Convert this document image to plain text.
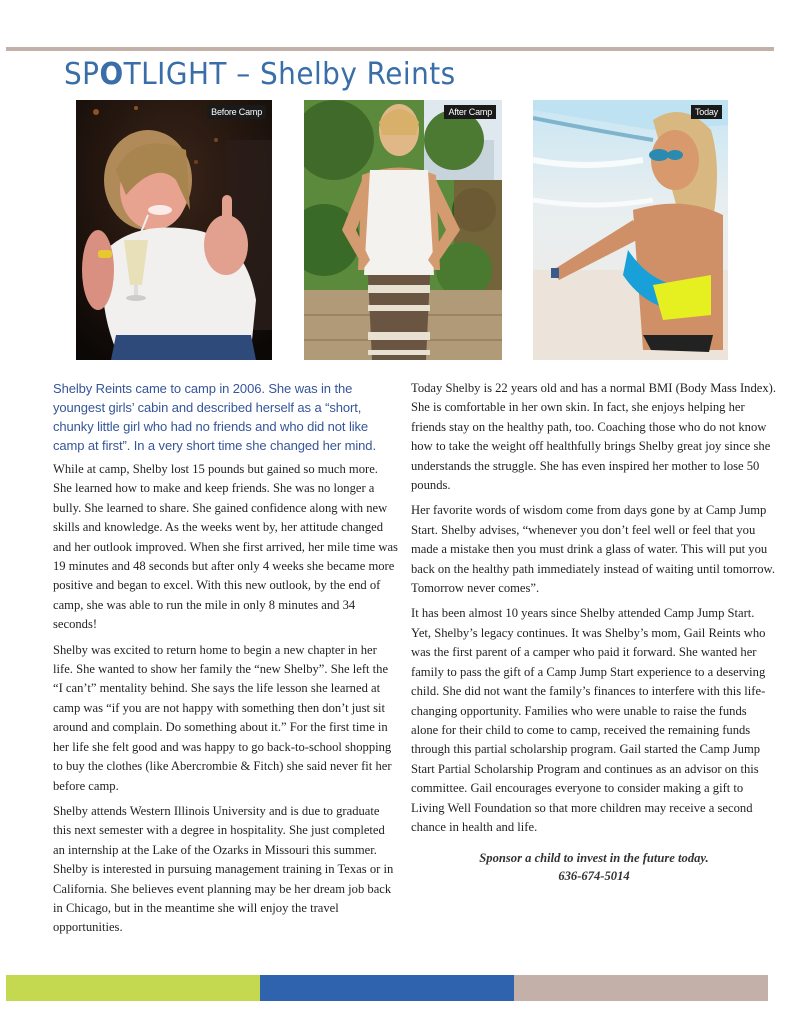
SPOTLIGHT – Shelby Reints
Before Camp	After Camp	Today

Shelby Reints came to camp in 2006. She was in the youngest girls’ cabin and described herself as a “short, chunky little girl who had no friends and who did not like camp at first”. In a very short time she changed her mind.

While at camp, Shelby lost 15 pounds but gained so much more. She learned how to make and keep friends. She was no longer a bully. She learned to share. She gained confidence along with new skills and knowledge. As the weeks went by, her attitude changed and her outlook improved. When she first arrived, her mile time was 19 minutes and 48 seconds but after only 4 weeks she became more positive and began to excel. With this new outlook, by the end of camp, she was able to run the mile in only 8 minutes and 34 seconds!

Shelby was excited to return home to begin a new chapter in her life. She wanted to show her family the “new Shelby”. She left the “I can’t” mentality behind. She says the life lesson she learned at camp was “if you are not happy with something then don’t just sit around and complain. Do something about it.” For the first time in her life she felt good and was happy to go back-to-school shopping to buy the clothes (like Abercrombie & Fitch) she said never fit her before camp.

Shelby attends Western Illinois University and is due to graduate this next semester with a degree in hospitality. She just completed an internship at the Lake of the Ozarks in Missouri this summer. Shelby is interested in pursuing management training in Texas or in California. She believes event planning may be her dream job back in Chicago, but in the meantime she will enjoy the travel opportunities.

Today Shelby is 22 years old and has a normal BMI (Body Mass Index). She is comfortable in her own skin. In fact, she enjoys helping her friends stay on the healthy path, too. Coaching those who do not know how to take the weight off healthfully brings Shelby great joy since she understands the struggle. She has even inspired her mother to lose 50 pounds.

Her favorite words of wisdom come from days gone by at Camp Jump Start. Shelby advises, “whenever you don’t feel well or feel that you made a mistake then you must drink a glass of water. This will put you back on the healthy path immediately instead of waiting until tomorrow. Tomorrow never comes”.

It has been almost 10 years since Shelby attended Camp Jump Start. Yet, Shelby’s legacy continues. It was Shelby’s mom, Gail Reints who was the first parent of a camper who paid it forward. She wanted her family to pass the gift of a Camp Jump Start experience to a deserving child. She did not want the family’s finances to interfere with this life-changing opportunity. Families who were unable to raise the funds alone for their child to come to camp, received the remaining funds through this partial scholarship program. Gail started the Camp Jump Start Partial Scholarship Program and continues as an advisor on this committee. Gail encourages everyone to consider making a gift to Living Well Foundation so that more children may receive a second chance in health and life.

Sponsor a child to invest in the future today.
636-674-5014
